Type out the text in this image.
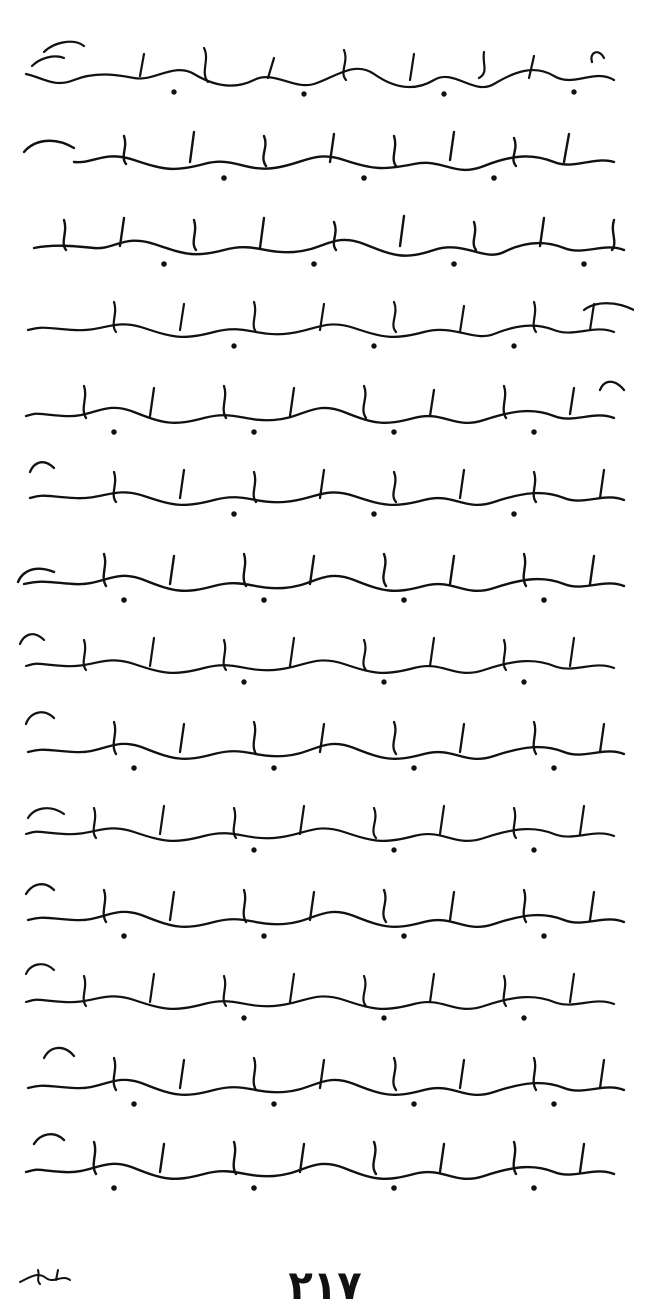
٢١٧
